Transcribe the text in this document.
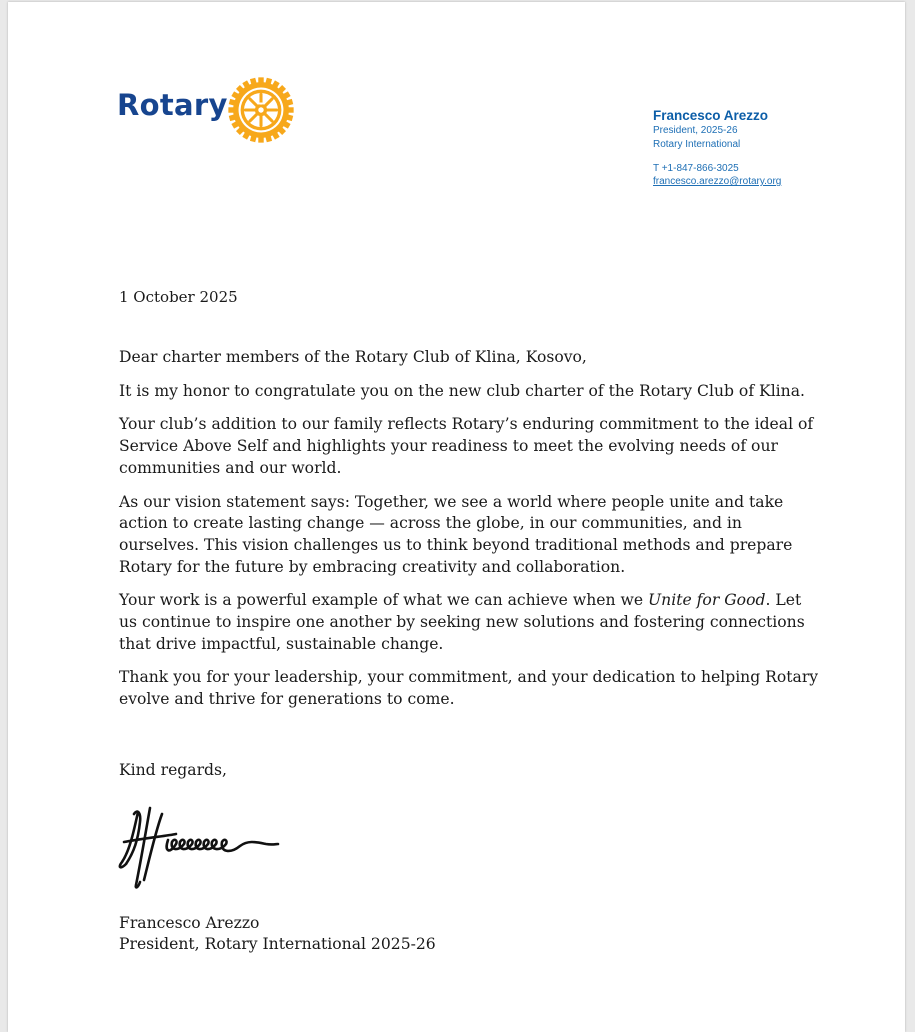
Rotary	Francesco Arezzo
President, 2025-26
Rotary International
T +1-847-866-3025
francesco.arezzo@rotary.org
1 October 2025

Dear charter members of the Rotary Club of Klina, Kosovo,

It is my honor to congratulate you on the new club charter of the Rotary Club of Klina.

Your club’s addition to our family reflects Rotary’s enduring commitment to the ideal of Service Above Self and highlights your readiness to meet the evolving needs of our communities and our world.

As our vision statement says: Together, we see a world where people unite and take action to create lasting change — across the globe, in our communities, and in ourselves. This vision challenges us to think beyond traditional methods and prepare Rotary for the future by embracing creativity and collaboration.

Your work is a powerful example of what we can achieve when we Unite for Good. Let us continue to inspire one another by seeking new solutions and fostering connections that drive impactful, sustainable change.

Thank you for your leadership, your commitment, and your dedication to helping Rotary evolve and thrive for generations to come.

Kind regards,
Francesco Arezzo
President, Rotary International 2025-26
